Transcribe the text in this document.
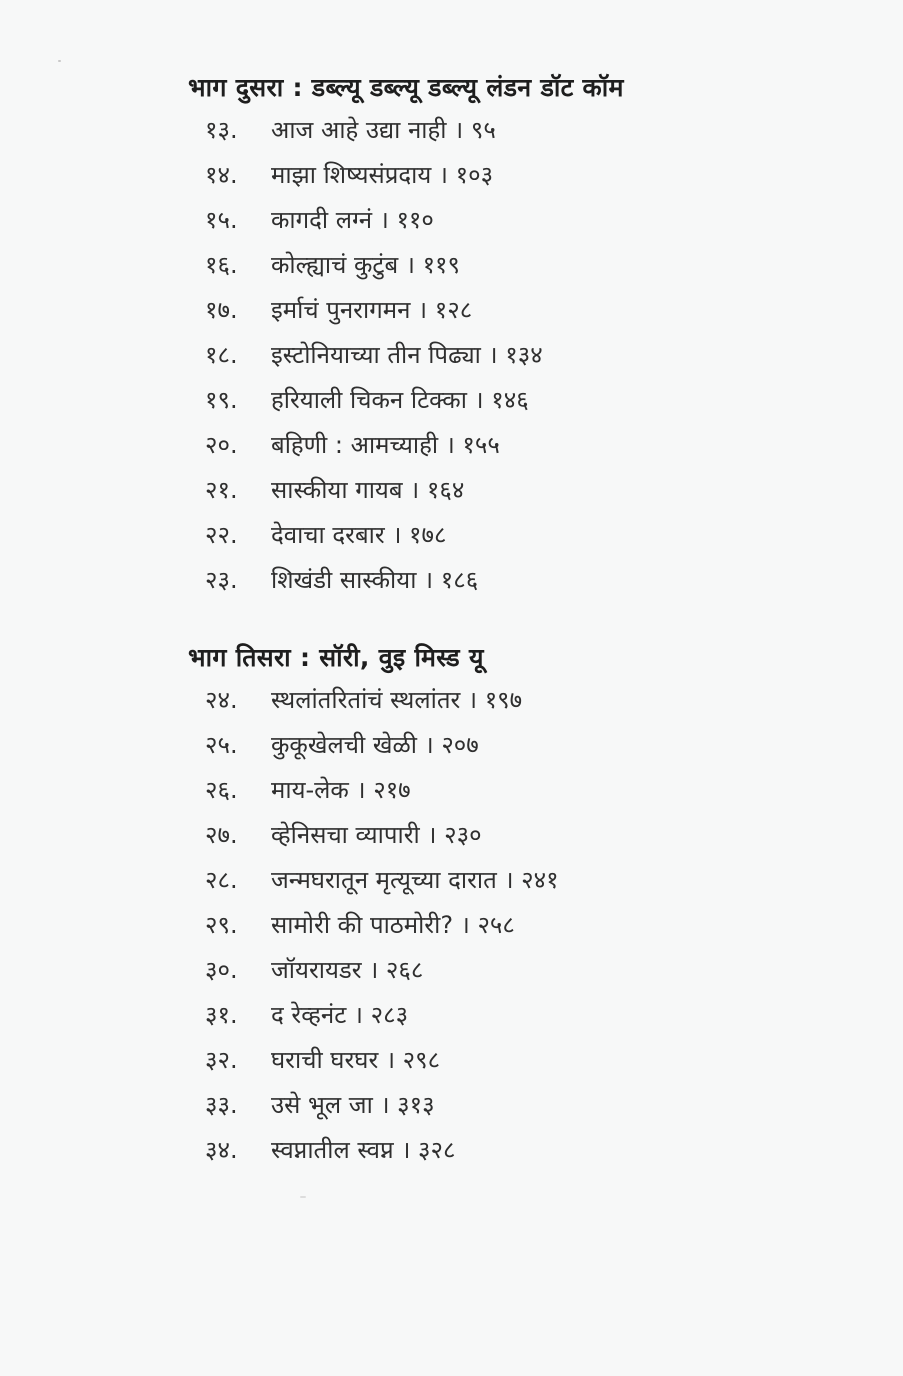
भाग दुसरा : डब्ल्यू डब्ल्यू डब्ल्यू लंडन डॉट कॉम
१३. आज आहे उद्या नाही । ९५
१४. माझा शिष्यसंप्रदाय । १०३
१५. कागदी लग्नं । ११०
१६. कोल्ह्याचं कुटुंब । ११९
१७. इर्माचं पुनरागमन । १२८
१८. इस्टोनियाच्या तीन पिढ्या । १३४
१९. हरियाली चिकन टिक्का । १४६
२०. बहिणी : आमच्याही । १५५
२१. सास्कीया गायब । १६४
२२. देवाचा दरबार । १७८
२३. शिखंडी सास्कीया । १८६
भाग तिसरा : सॉरी, वुइ मिस्ड यू
२४. स्थलांतरितांचं स्थलांतर । १९७
२५. कुकूखेलची खेळी । २०७
२६. माय-लेक । २१७
२७. व्हेनिसचा व्यापारी । २३०
२८. जन्मघरातून मृत्यूच्या दारात । २४१
२९. सामोरी की पाठमोरी? । २५८
३०. जॉयरायडर । २६८
३१. द रेव्हनंट । २८३
३२. घराची घरघर । २९८
३३. उसे भूल जा । ३१३
३४. स्वप्नातील स्वप्न । ३२८
